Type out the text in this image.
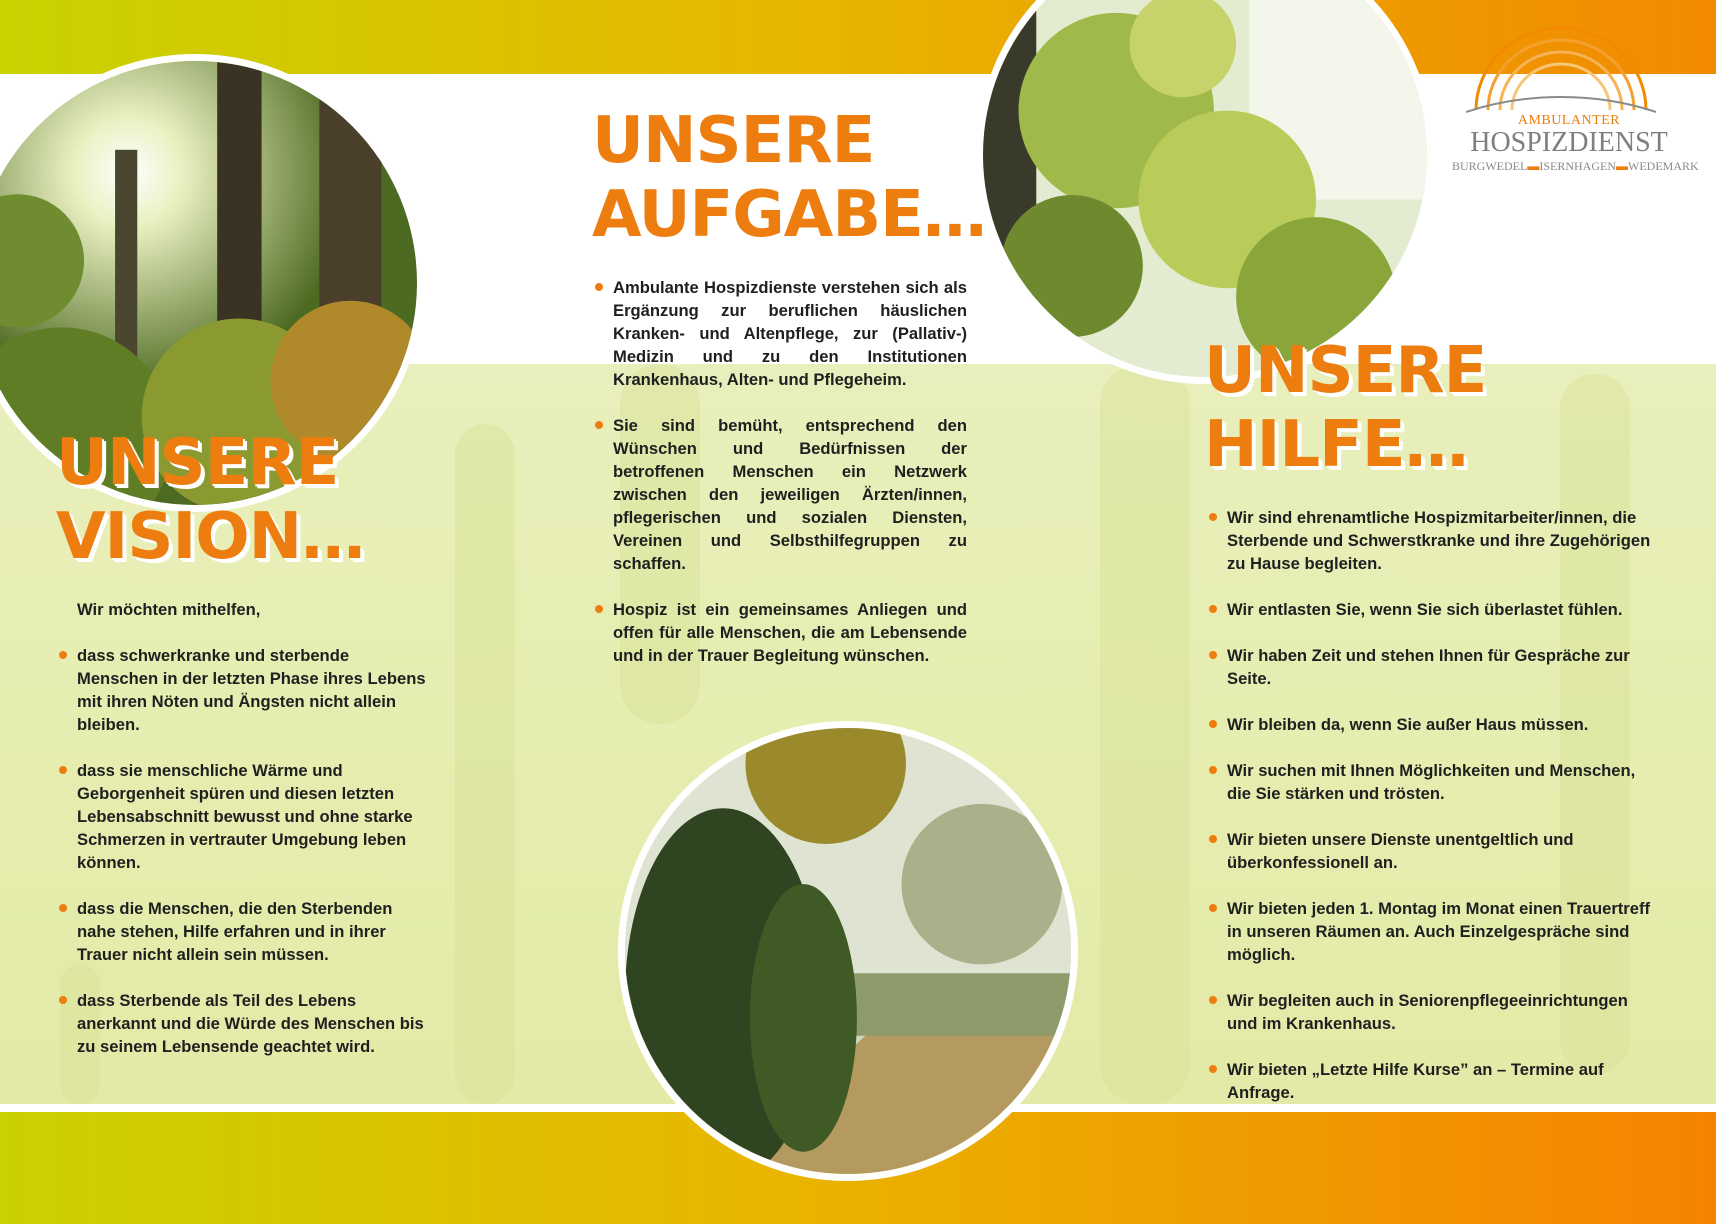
AMBULANTER
HOSPIZDIENST
BURGWEDEL▬ISERNHAGEN▬WEDEMARK
UNSERE
VISION…
UNSERE
AUFGABE…
UNSERE
HILFE…

Wir möchten mithelfen,

dass schwerkranke und sterbende Menschen in der letzten Phase ihres Lebens mit ihren Nöten und Ängsten nicht allein bleiben.
dass sie menschliche Wärme und Geborgenheit spüren und diesen letzten Lebensabschnitt bewusst und ohne starke Schmerzen in vertrauter Umgebung leben können.
dass die Menschen, die den Sterbenden nahe stehen, Hilfe erfahren und in ihrer Trauer nicht allein sein müssen.
dass Sterbende als Teil des Lebens anerkannt und die Würde des Menschen bis zu seinem Lebensende geachtet wird.
Ambulante Hospizdienste verstehen sich als Ergänzung zur beruflichen häuslichen Kranken- und Altenpflege, zur (Pallativ-) Medizin und zu den Institutionen Krankenhaus, Alten- und Pflegeheim.
Sie sind bemüht, entsprechend den Wünschen und Bedürfnissen der betroffenen Menschen ein Netzwerk zwischen den jeweiligen Ärzten/innen, pflegerischen und sozialen Diensten, Vereinen und Selbsthilfegruppen zu schaffen.
Hospiz ist ein gemeinsames Anliegen und offen für alle Menschen, die am Lebensende und in der Trauer Begleitung wünschen.
Wir sind ehrenamtliche Hospizmitarbeiter/innen, die Sterbende und Schwerstkranke und ihre Zugehörigen zu Hause begleiten.
Wir entlasten Sie, wenn Sie sich überlastet fühlen.
Wir haben Zeit und stehen Ihnen für Gespräche zur Seite.
Wir bleiben da, wenn Sie außer Haus müssen.
Wir suchen mit Ihnen Möglichkeiten und Menschen, die Sie stärken und trösten.
Wir bieten unsere Dienste unentgeltlich und überkonfessionell an.
Wir bieten jeden 1. Montag im Monat einen Trauertreff in unseren Räumen an. Auch Einzelgespräche sind möglich.
Wir begleiten auch in Seniorenpflegeeinrichtungen und im Krankenhaus.
Wir bieten „Letzte Hilfe Kurse” an – Termine auf Anfrage.
